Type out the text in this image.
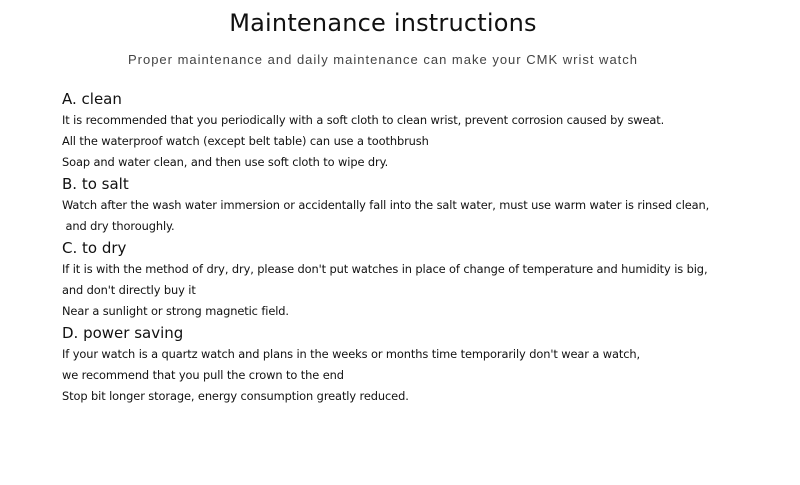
Maintenance instructions
Proper maintenance and daily maintenance can make your CMK wrist watch
A. clean
It is recommended that you periodically with a soft cloth to clean wrist, prevent corrosion caused by sweat.
All the waterproof watch (except belt table) can use a toothbrush
Soap and water clean, and then use soft cloth to wipe dry.
B. to salt
Watch after the wash water immersion or accidentally fall into the salt water, must use warm water is rinsed clean,
and dry thoroughly.
C. to dry
If it is with the method of dry, dry, please don't put watches in place of change of temperature and humidity is big,
and don't directly buy it
Near a sunlight or strong magnetic field.
D. power saving
If your watch is a quartz watch and plans in the weeks or months time temporarily don't wear a watch,
we recommend that you pull the crown to the end
Stop bit longer storage, energy consumption greatly reduced.
